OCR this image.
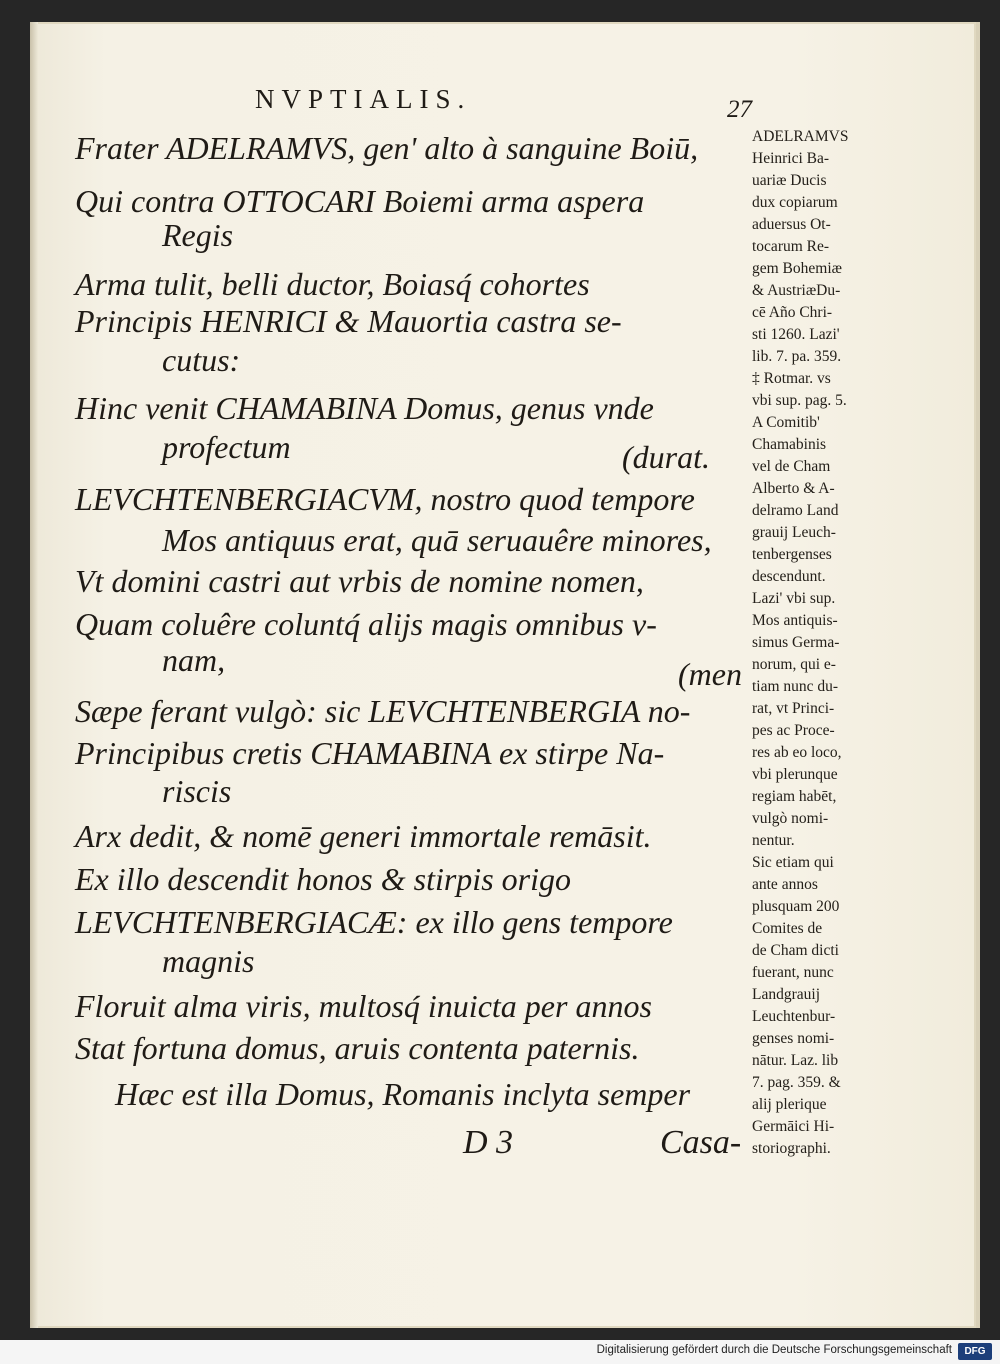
NVPTIALIS.	27
Frater ADELRAMVS, gen' alto à sanguine Boiū,
Qui contra OTTOCARI Boiemi arma aspera
Regis
Arma tulit, belli ductor, Boiasq́ cohortes
Principis HENRICI & Mauortia castra se-
cutus:
Hinc venit CHAMABINA Domus, genus vnde
profectum	(durat.
LEVCHTENBERGIACVM, nostro quod tempore
Mos antiquus erat, quā seruauêre minores,
Vt domini castri aut vrbis de nomine nomen,
Quam coluêre coluntq́ alijs magis omnibus v-
nam,	(men
Sæpe ferant vulgò: sic LEVCHTENBERGIA no-
Principibus cretis CHAMABINA ex stirpe Na-
riscis
Arx dedit, & nomē generi immortale remāsit.
Ex illo descendit honos & stirpis origo
LEVCHTENBERGIACÆ: ex illo gens tempore
magnis
Floruit alma viris, multosq́ inuicta per annos
Stat fortuna domus, aruis contenta paternis.
Hæc est illa Domus, Romanis inclyta semper
D 3	Casa-
ADELRAMVS
Heinrici Ba-
uariæ Ducis
dux copiarum
aduersus Ot-
tocarum Re-
gem Bohemiæ
& AustriæDu-
cē Año Chri-
sti 1260. Lazi'
lib. 7. pa. 359.
‡ Rotmar. vs
vbi sup. pag. 5.
A Comitib'
Chamabinis
vel de Cham
Alberto & A-
delramo Land
grauij Leuch-
tenbergenses
descendunt.
Lazi' vbi sup.
Mos antiquis-
simus Germa-
norum, qui e-
tiam nunc du-
rat, vt Princi-
pes ac Proce-
res ab eo loco,
vbi plerunque
regiam habēt,
vulgò nomi-
nentur.
Sic etiam qui
ante annos
plusquam 200
Comites de
de Cham dicti
fuerant, nunc
Landgrauij
Leuchtenbur-
genses nomi-
nātur. Laz. lib
7. pag. 359. &
alij plerique
Germāici Hi-
storiographi.
Digitalisierung gefördert durch die Deutsche Forschungsgemeinschaft	DFG
